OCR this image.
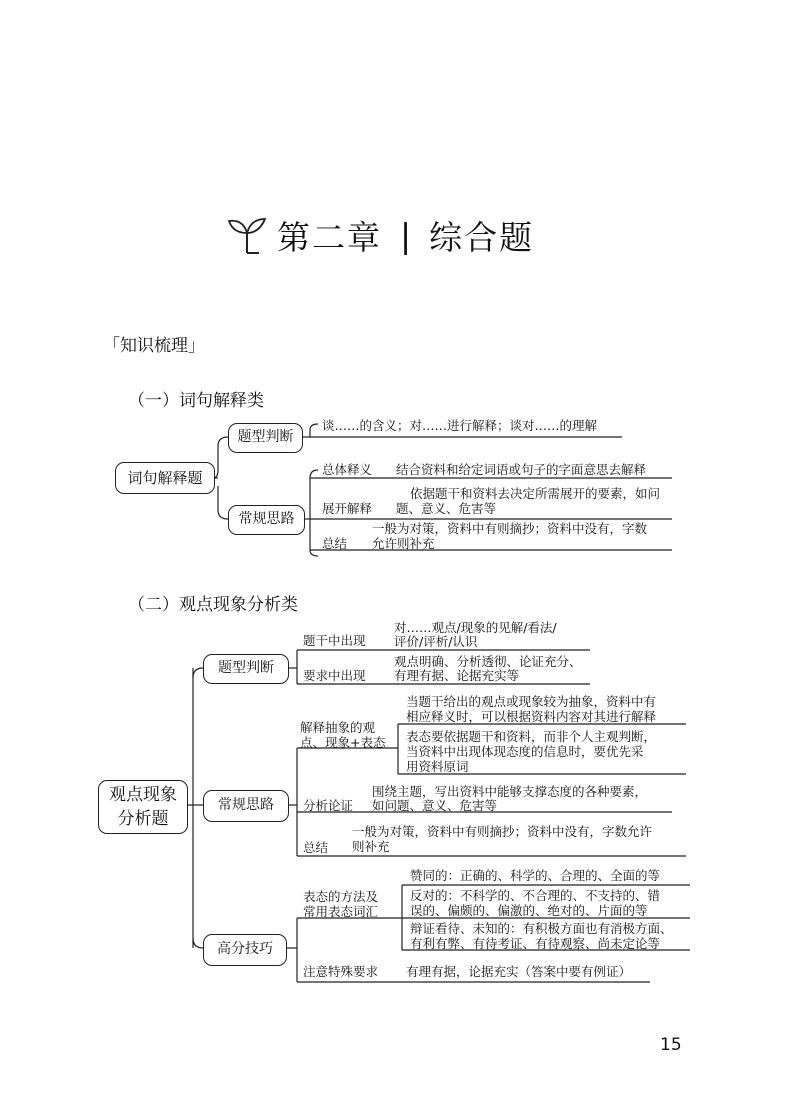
第二章 | 综合题
「知识梳理」
（一）词句解释类
词句解释题
题型判断
谈……的含义；对……进行解释；谈对……的理解
常规思路
总体释义 结合资料和给定词语或句子的字面意思去解释
展开解释
依据题干和资料去决定所需展开的要素，如问
题、意义、危害等
总结
一般为对策，资料中有则摘抄；资料中没有，字数
允许则补充
（二）观点现象分析类
观点现象分析题
题型判断
题干中出现
对……观点/现象的见解/看法/
评价/评析/认识
要求中出现
观点明确、分析透彻、论证充分、
有理有据、论据充实等
常规思路
解释抽象的观
点、现象+表态
当题干给出的观点或现象较为抽象，资料中有
相应释义时，可以根据资料内容对其进行解释
表态要依据题干和资料，而非个人主观判断，
当资料中出现体现态度的信息时，要优先采
用资料原词
分析论证
围绕主题，写出资料中能够支撑态度的各种要素，
如问题、意义、危害等
总结
一般为对策，资料中有则摘抄；资料中没有，字数允许
则补充
高分技巧
表态的方法及
常用表态词汇
赞同的：正确的、科学的、合理的、全面的等
反对的：不科学的、不合理的、不支持的、错
误的、偏颇的、偏激的、绝对的、片面的等
辩证看待、未知的：有积极方面也有消极方面、
有利有弊、有待考证、有待观察、尚未定论等
注意特殊要求 有理有据，论据充实（答案中要有例证）
15
